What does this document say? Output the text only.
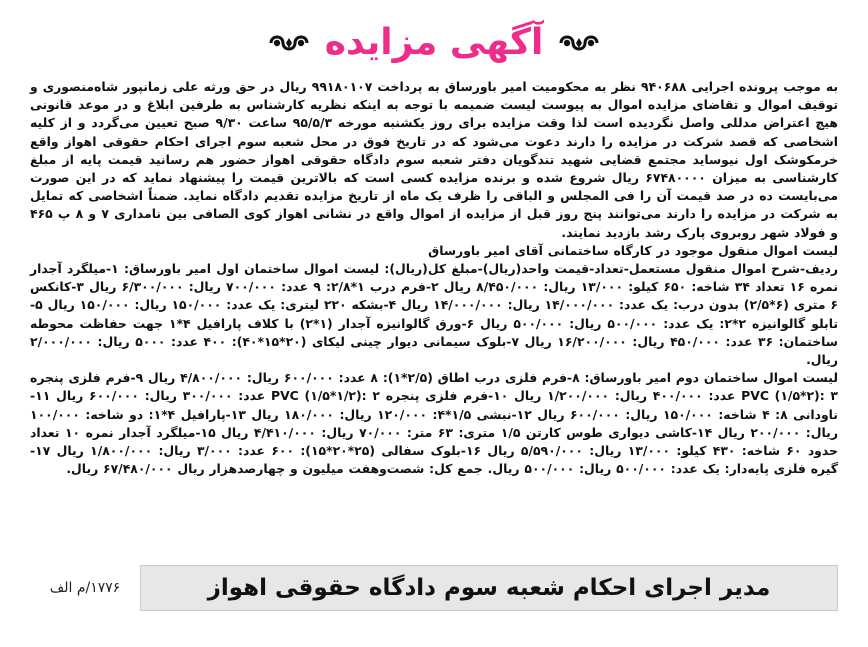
آگهی مزایده

به موجب پرونده اجرایی ۹۴۰۶۸۸ نظر به محکومیت امیر باورساق به پرداخت ۹۹۱۸۰۱۰۷ ریال در حق ورثه علی زمانپور شاه‌منصوری و توقیف اموال و تقاضای مزایده اموال به پیوست لیست ضمیمه با توجه به اینکه نظریه کارشناس به طرفین ابلاغ و در موعد قانونی هیچ اعتراض مدللی واصل نگردیده است لذا وقت مزایده برای روز یکشنبه مورخه ۹۵/۵/۳ ساعت ۹/۳۰ صبح تعیین می‌گردد و از کلیه اشخاصی که قصد شرکت در مزایده را دارند دعوت می‌شود که در تاریخ فوق در محل شعبه سوم اجرای احکام حقوقی اهواز واقع خرمکوشک اول نیوساید مجتمع قضایی شهید تندگویان دفتر شعبه سوم دادگاه حقوقی اهواز حضور هم رسانید قیمت پایه از مبلغ کارشناسی به میزان ۶۷۴۸۰۰۰۰ ریال شروع شده و برنده مزایده کسی است که بالاترین قیمت را پیشنهاد نماید که در این صورت می‌بایست ده در صد قیمت آن را فی المجلس و الباقی را ظرف یک ماه از تاریخ مزایده تقدیم دادگاه نماید. ضمناً اشخاصی که تمایل به شرکت در مزایده را دارند می‌توانند پنج روز قبل از مزایده از اموال واقع در نشانی اهواز کوی الصافی بین نامداری ۷ و ۸ پ ۴۶۵ و فولاد شهر روبروی پارک رشد بازدید نمایند.

لیست اموال منقول موجود در کارگاه ساختمانی آقای امیر باورساق

ردیف-شرح اموال منقول مستعمل-تعداد-قیمت واحد(ریال)-مبلغ کل(ریال): لیست اموال ساختمان اول امیر باورساق: ۱-میلگرد آجدار نمره ۱۶ تعداد ۳۴ شاخه: ۶۵۰ کیلو: ۱۳/۰۰۰ ریال: ۸/۴۵۰/۰۰۰ ریال ۲-فرم درب ۱*۲/۸: ۹ عدد: ۷۰۰/۰۰۰ ریال: ۶/۳۰۰/۰۰۰ ریال ۳-کانکس ۶ متری (۶*۲/۵) بدون درب: یک عدد: ۱۴/۰۰۰/۰۰۰ ریال: ۱۴/۰۰۰/۰۰۰ ریال ۴-بشکه ۲۲۰ لیتری: یک عدد: ۱۵۰/۰۰۰ ریال: ۱۵۰/۰۰۰ ریال ۵-تابلو گالوانیزه ۲*۲: یک عدد: ۵۰۰/۰۰۰ ریال: ۵۰۰/۰۰۰ ریال ۶-ورق گالوانیزه آجدار (۱*۲) با کلاف پارافیل ۴*۱ جهت حفاظت محوطه ساختمان: ۳۶ عدد: ۴۵۰/۰۰۰ ریال: ۱۶/۲۰۰/۰۰۰ ریال ۷-بلوک سیمانی دیوار چینی لیکای (۲۰*۱۵*۴۰): ۴۰۰ عدد: ۵۰۰۰ ریال: ۲/۰۰۰/۰۰۰ ریال.

لیست اموال ساختمان دوم امیر باورساق: ۸-فرم فلزی درب اطاق (۲/۵*۱): ۸ عدد: ۶۰۰/۰۰۰ ریال: ۴/۸۰۰/۰۰۰ ریال ۹-فرم فلزی پنجره PVC (۱/۵*۲): ۳ عدد: ۴۰۰/۰۰۰ ریال: ۱/۲۰۰/۰۰۰ ریال ۱۰-فرم فلزی پنجره PVC (۱/۵*۱/۲): ۲ عدد: ۳۰۰/۰۰۰ ریال: ۶۰۰/۰۰۰ ریال ۱۱-ناودانی ۸: ۴ شاخه: ۱۵۰/۰۰۰ ریال: ۶۰۰/۰۰۰ ریال ۱۲-نبشی ۱/۵*۴: ۱۲۰/۰۰۰ ریال: ۱۸۰/۰۰۰ ریال ۱۳-پارافیل ۴*۱: دو شاخه: ۱۰۰/۰۰۰ ریال: ۲۰۰/۰۰۰ ریال ۱۴-کاشی دیواری طوس کارتن ۱/۵ متری: ۶۳ متر: ۷۰/۰۰۰ ریال: ۴/۴۱۰/۰۰۰ ریال ۱۵-میلگرد آجدار نمره ۱۰ تعداد حدود ۶۰ شاخه: ۴۳۰ کیلو: ۱۳/۰۰۰ ریال: ۵/۵۹۰/۰۰۰ ریال ۱۶-بلوک سفالی (۲۵*۲۰*۱۵): ۶۰۰ عدد: ۳/۰۰۰ ریال: ۱/۸۰۰/۰۰۰ ریال ۱۷-گیره فلزی پایه‌دار: یک عدد: ۵۰۰/۰۰۰ ریال: ۵۰۰/۰۰۰ ریال. جمع کل: شصت‌وهفت میلیون و چهارصدهزار ریال ۶۷/۴۸۰/۰۰۰ ریال.

مدیر اجرای احکام شعبه سوم دادگاه حقوقی اهواز
۱۷۷۶/م الف
